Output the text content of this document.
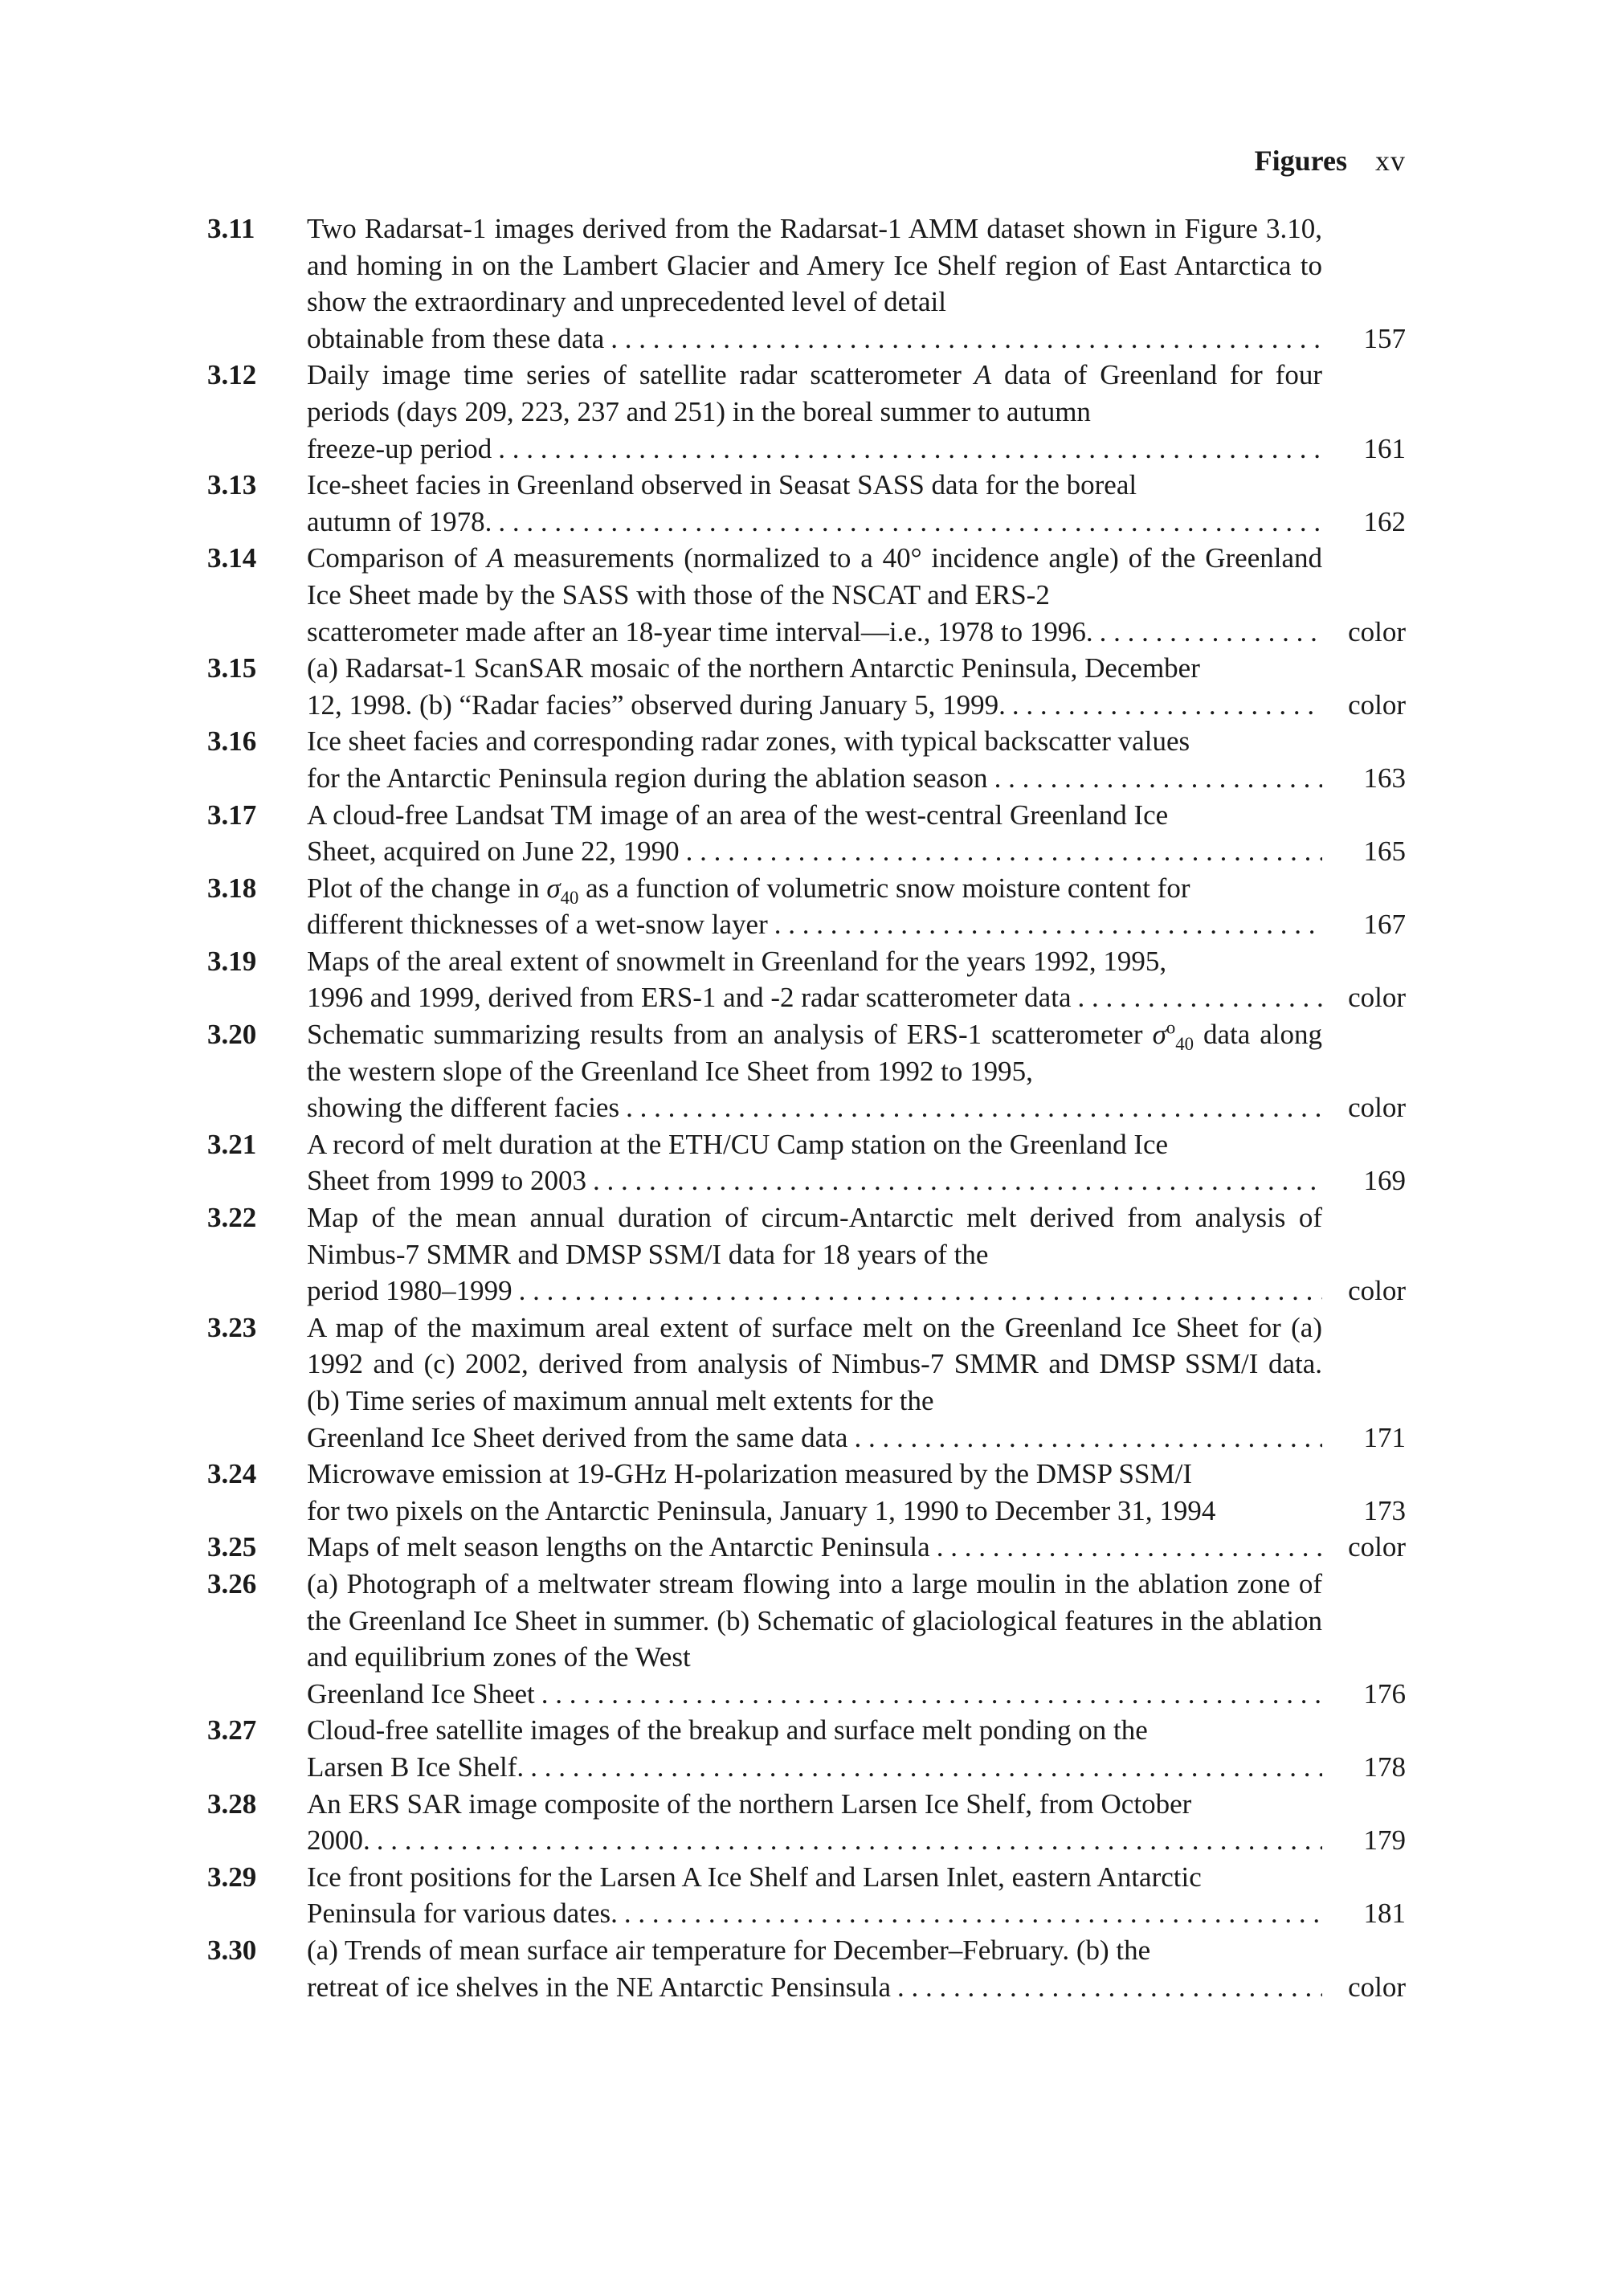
Figures xv
3.11 Two Radarsat-1 images derived from the Radarsat-1 AMM dataset shown in Figure 3.10, and homing in on the Lambert Glacier and Amery Ice Shelf region of East Antarctica to show the extraordinary and unprecedented level of detail
obtainable from these data . . .	157
3.12 Daily image time series of satellite radar scatterometer A data of Greenland for four periods (days 209, 223, 237 and 251) in the boreal summer to autumn
freeze-up period . . .	161
3.13 Ice-sheet facies in Greenland observed in Seasat SASS data for the boreal
autumn of 1978. . . .	162
3.14 Comparison of A measurements (normalized to a 40° incidence angle) of the Greenland Ice Sheet made by the SASS with those of the NSCAT and ERS-2
scatterometer made after an 18-year time interval—i.e., 1978 to 1996. . . .	color
3.15 (a) Radarsat-1 ScanSAR mosaic of the northern Antarctic Peninsula, December
12, 1998. (b) “Radar facies” observed during January 5, 1999. . . .	color
3.16 Ice sheet facies and corresponding radar zones, with typical backscatter values
for the Antarctic Peninsula region during the ablation season . . .	163
3.17 A cloud-free Landsat TM image of an area of the west-central Greenland Ice
Sheet, acquired on June 22, 1990 . . .	165
3.18 Plot of the change in $\sigma_{40}$ as a function of volumetric snow moisture content for
different thicknesses of a wet-snow layer . . .	167
3.19 Maps of the areal extent of snowmelt in Greenland for the years 1992, 1995,
1996 and 1999, derived from ERS-1 and -2 radar scatterometer data . . .	color
3.20 Schematic summarizing results from an analysis of ERS-1 scatterometer $\sigma^o_{40}$ data along the western slope of the Greenland Ice Sheet from 1992 to 1995,
showing the different facies . . .	color
3.21 A record of melt duration at the ETH/CU Camp station on the Greenland Ice
Sheet from 1999 to 2003 . . .	169
3.22 Map of the mean annual duration of circum-Antarctic melt derived from analysis of Nimbus-7 SMMR and DMSP SSM/I data for 18 years of the
period 1980–1999 . . .	color
3.23 A map of the maximum areal extent of surface melt on the Greenland Ice Sheet for (a) 1992 and (c) 2002, derived from analysis of Nimbus-7 SMMR and DMSP SSM/I data. (b) Time series of maximum annual melt extents for the
Greenland Ice Sheet derived from the same data . . .	171
3.24 Microwave emission at 19-GHz H-polarization measured by the DMSP SSM/I
for two pixels on the Antarctic Peninsula, January 1, 1990 to December 31, 1994	173
3.25 Maps of melt season lengths on the Antarctic Peninsula . . .	color
3.26 (a) Photograph of a meltwater stream flowing into a large moulin in the ablation zone of the Greenland Ice Sheet in summer. (b) Schematic of glaciological features in the ablation and equilibrium zones of the West
Greenland Ice Sheet . . .	176
3.27 Cloud-free satellite images of the breakup and surface melt ponding on the
Larsen B Ice Shelf. . . .	178
3.28 An ERS SAR image composite of the northern Larsen Ice Shelf, from October
2000. . . .	179
3.29 Ice front positions for the Larsen A Ice Shelf and Larsen Inlet, eastern Antarctic
Peninsula for various dates. . . .	181
3.30 (a) Trends of mean surface air temperature for December–February. (b) the
retreat of ice shelves in the NE Antarctic Pensinsula . . .	color
